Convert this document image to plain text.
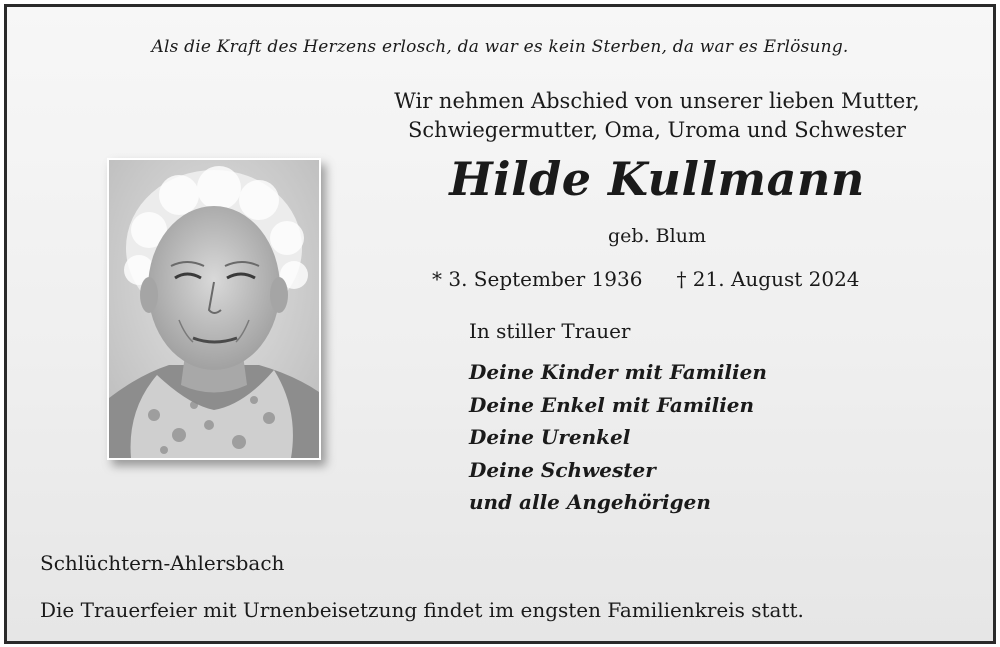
Als die Kraft des Herzens erlosch, da war es kein Sterben, da war es Erlösung.
Wir nehmen Abschied von unserer lieben Mutter,
Schwiegermutter, Oma, Uroma und Schwester
Hilde Kullmann
geb. Blum
* 3. September 1936 † 21. August 2024
In stiller Trauer
Deine Kinder mit Familien
Deine Enkel mit Familien
Deine Urenkel
Deine Schwester
und alle Angehörigen
Schlüchtern-Ahlersbach
Die Trauerfeier mit Urnenbeisetzung findet im engsten Familienkreis statt.
